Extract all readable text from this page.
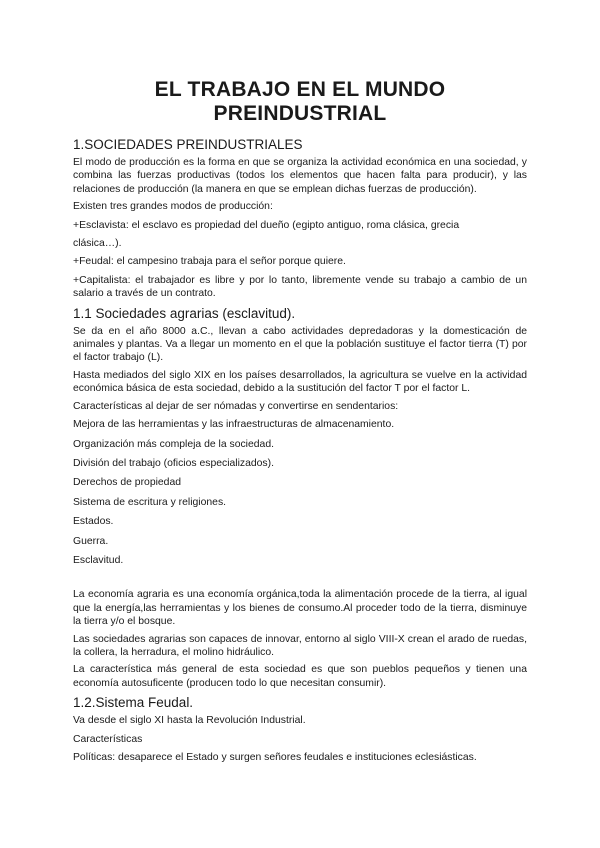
EL TRABAJO EN EL MUNDO PREINDUSTRIAL
1.SOCIEDADES PREINDUSTRIALES

El modo de producción es la forma en que se organiza la actividad económica en una sociedad, y combina las fuerzas productivas (todos los elementos que hacen falta para producir), y las relaciones de producción (la manera en que se emplean dichas fuerzas de producción).

Existen tres grandes modos de producción:

+Esclavista: el esclavo es propiedad del dueño (egipto antiguo, roma clásica, grecia

clásica…).

+Feudal: el campesino trabaja para el señor porque quiere.

+Capitalista: el trabajador es libre y por lo tanto, libremente vende su trabajo a cambio de un salario a través de un contrato.

1.1 Sociedades agrarias (esclavitud).

Se da en el año 8000 a.C., llevan a cabo actividades depredadoras y la domesticación de animales y plantas. Va a llegar un momento en el que la población sustituye el factor tierra (T) por el factor trabajo (L).

Hasta mediados del siglo XIX en los países desarrollados, la agricultura se vuelve en la actividad económica básica de esta sociedad, debido a la sustitución del factor T por el factor L.

Características al dejar de ser nómadas y convertirse en sendentarios:

Mejora de las herramientas y las infraestructuras de almacenamiento.

Organización más compleja de la sociedad.

División del trabajo (oficios especializados).

Derechos de propiedad

Sistema de escritura y religiones.

Estados.

Guerra.

Esclavitud.

La economía agraria es una economía orgánica,toda la alimentación procede de la tierra, al igual que la energía,las herramientas y los bienes de consumo.Al proceder todo de la tierra, disminuye la tierra y/o el bosque.

Las sociedades agrarias son capaces de innovar, entorno al siglo VIII-X crean el arado de ruedas, la collera, la herradura, el molino hidráulico.

La característica más general de esta sociedad es que son pueblos pequeños y tienen una economía autosuficente (producen todo lo que necesitan consumir).

1.2.Sistema Feudal.

Va desde el siglo XI hasta la Revolución Industrial.

Características

Políticas: desaparece el Estado y surgen señores feudales e instituciones eclesiásticas.
